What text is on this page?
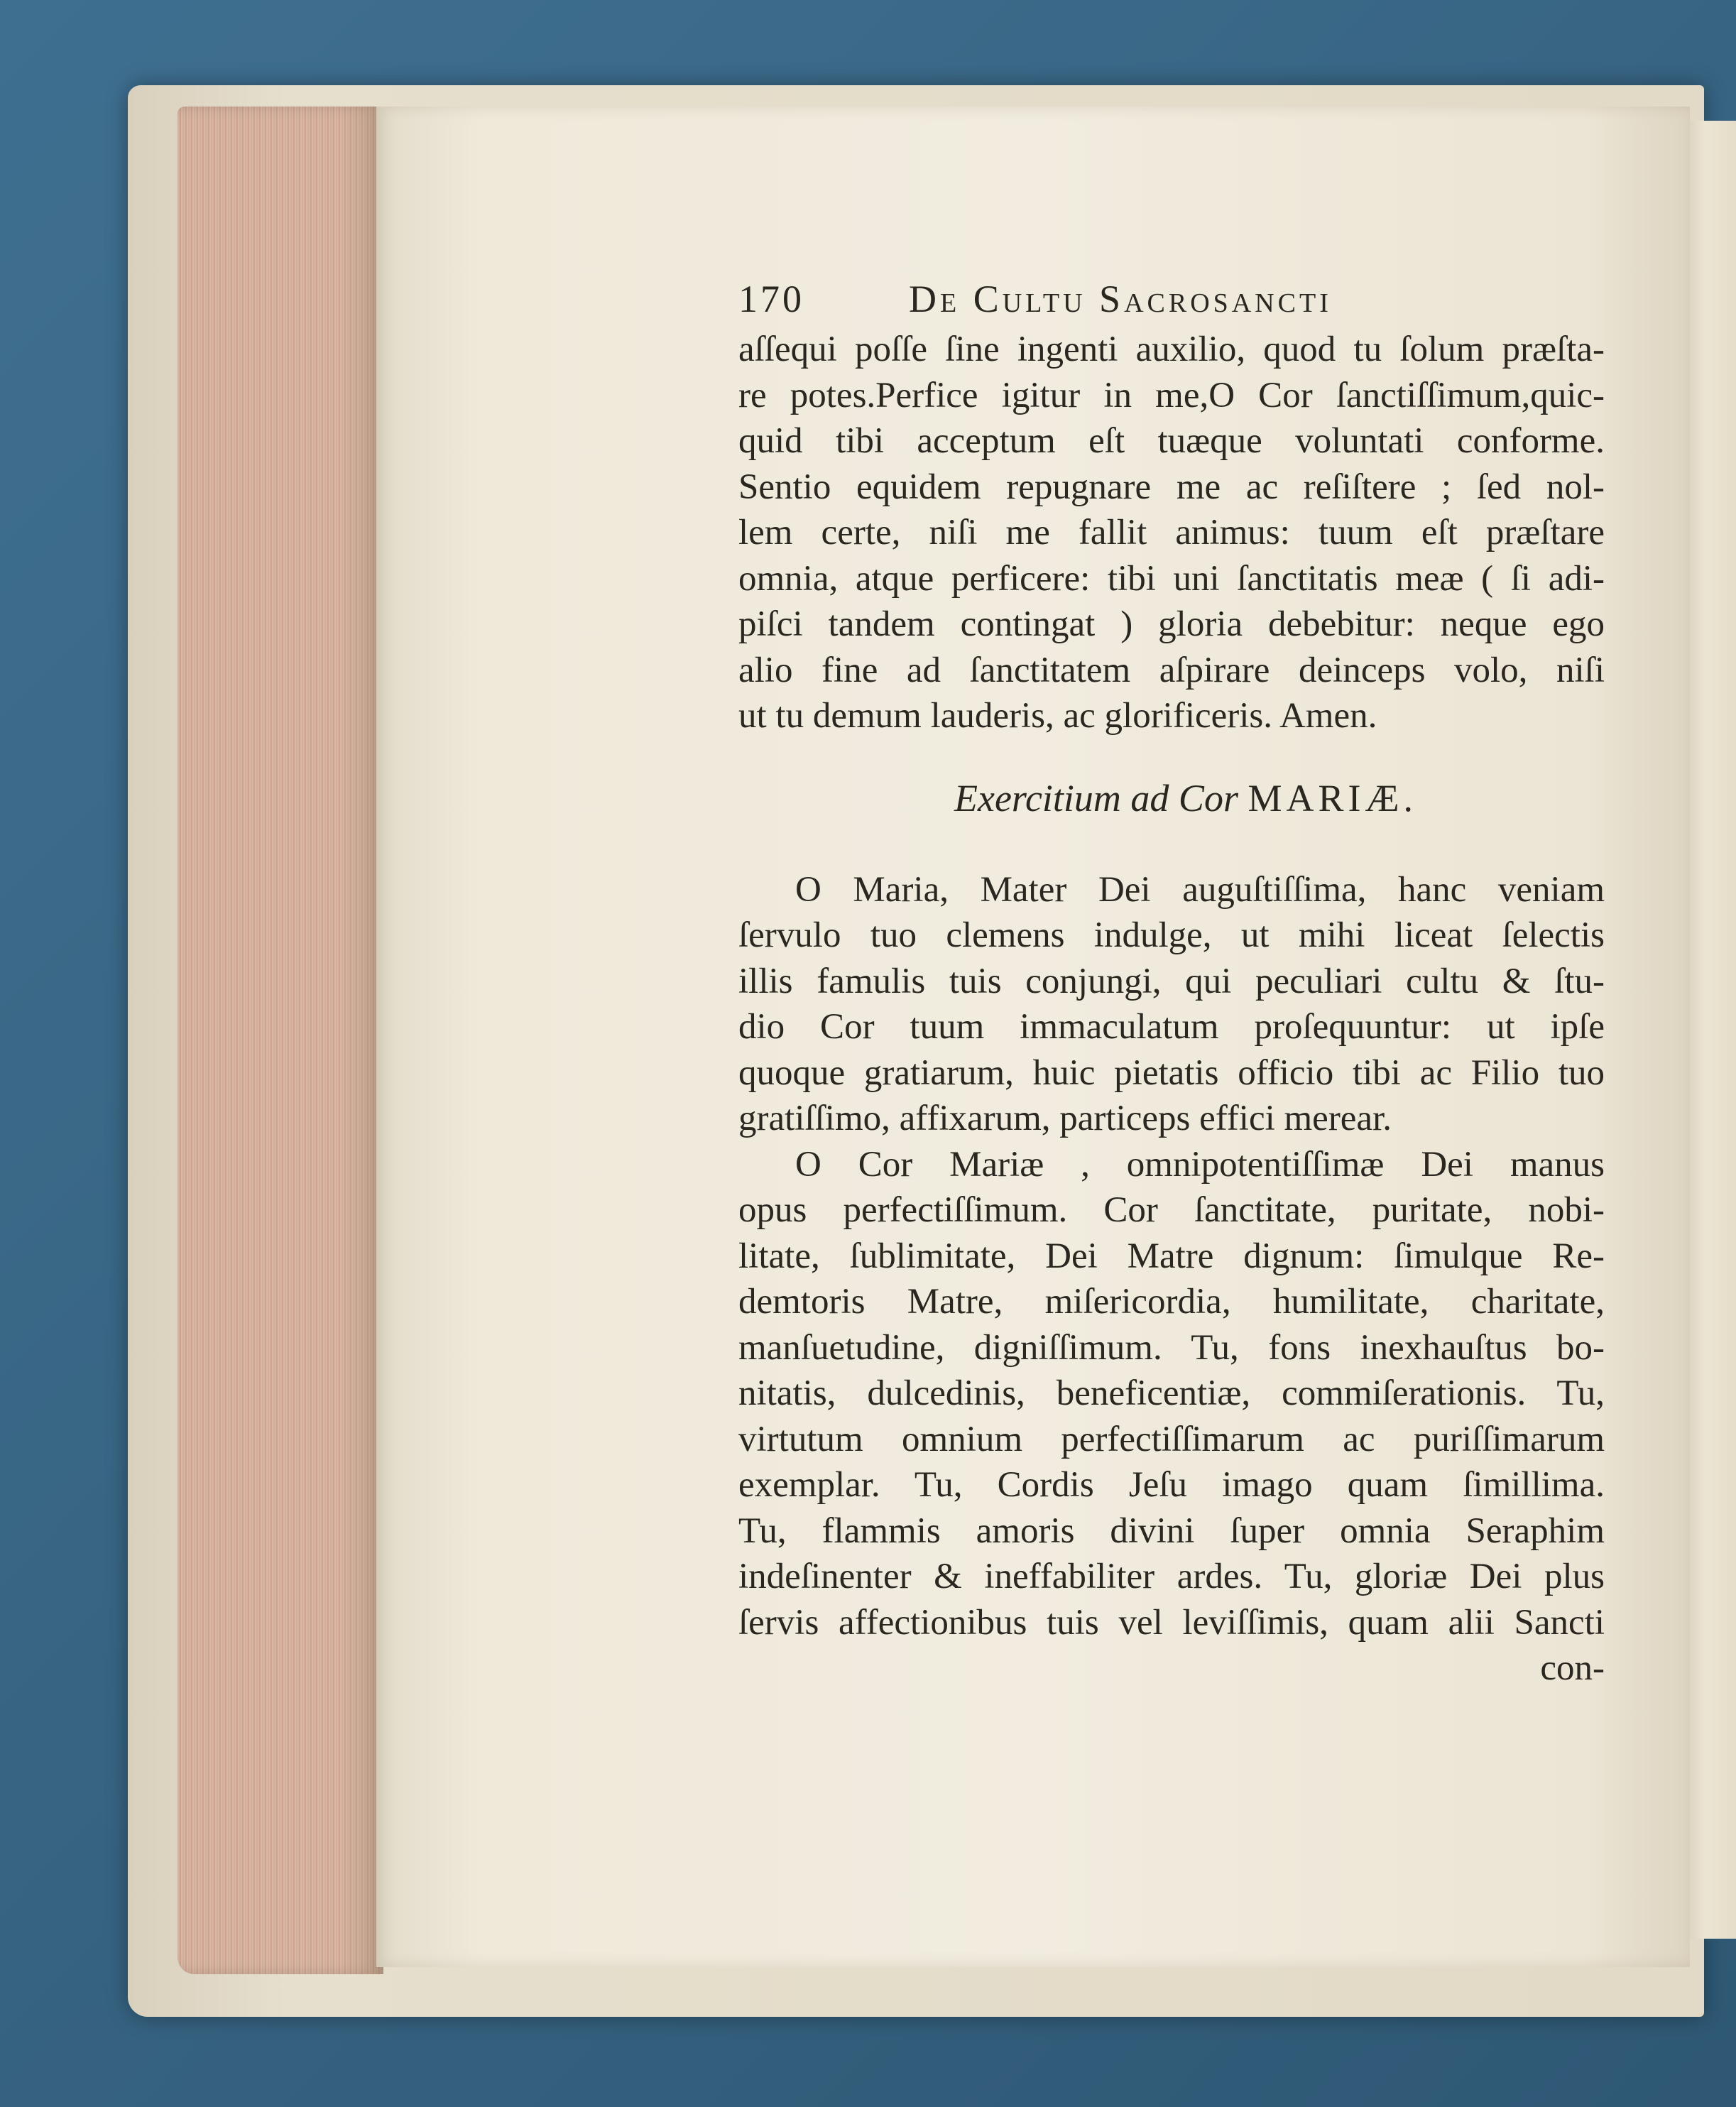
170	De Cultu Sacrosancti
aſſequi poſſe ſine ingenti auxilio, quod tu ſolum præſta-
re potes.Perfice igitur in me,O Cor ſanctiſſimum,quic-
quid tibi acceptum eſt tuæque voluntati conforme.
Sentio equidem repugnare me ac reſiſtere ; ſed nol-
lem certe, niſi me fallit animus: tuum eſt præſtare
omnia, atque perficere: tibi uni ſanctitatis meæ ( ſi adi-
piſci tandem contingat ) gloria debebitur: neque ego
alio fine ad ſanctitatem aſpirare deinceps volo, niſi
ut tu demum lauderis, ac glorificeris. Amen.
Exercitium ad Cor MARIÆ.
O Maria, Mater Dei auguſtiſſima, hanc veniam
ſervulo tuo clemens indulge, ut mihi liceat ſelectis
illis famulis tuis conjungi, qui peculiari cultu & ſtu-
dio Cor tuum immaculatum proſequuntur: ut ipſe
quoque gratiarum, huic pietatis officio tibi ac Filio tuo
gratiſſimo, affixarum, particeps effici merear.
O Cor Mariæ , omnipotentiſſimæ Dei manus
opus perfectiſſimum. Cor ſanctitate, puritate, nobi-
litate, ſublimitate, Dei Matre dignum: ſimulque Re-
demtoris Matre, miſericordia, humilitate, charitate,
manſuetudine, digniſſimum. Tu, fons inexhauſtus bo-
nitatis, dulcedinis, beneficentiæ, commiſerationis. Tu,
virtutum omnium perfectiſſimarum ac puriſſimarum
exemplar. Tu, Cordis Jeſu imago quam ſimillima.
Tu, flammis amoris divini ſuper omnia Seraphim
indeſinenter & ineffabiliter ardes. Tu, gloriæ Dei plus
ſervis affectionibus tuis vel leviſſimis, quam alii Sancti
con-
